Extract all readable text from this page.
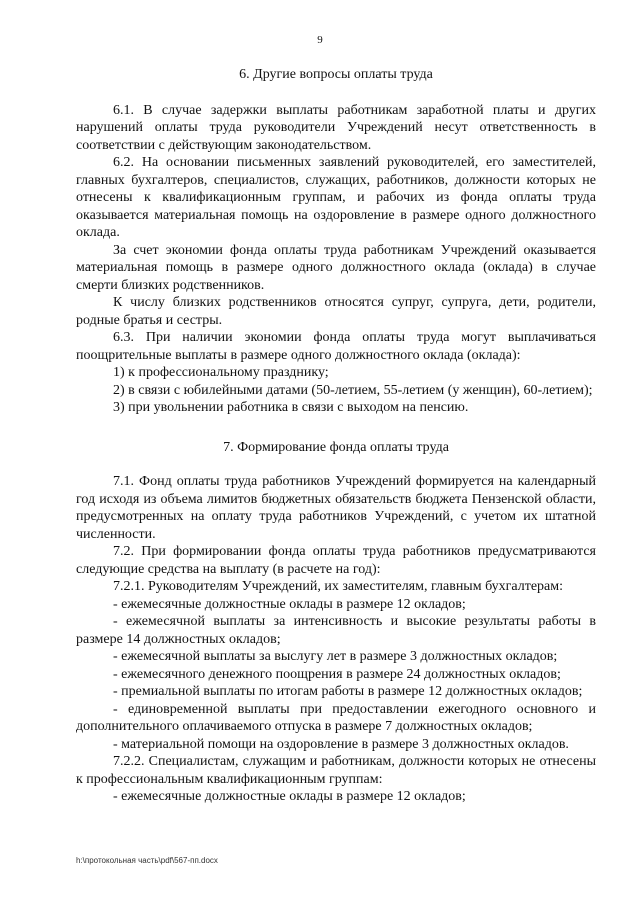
9

6. Другие вопросы оплаты труда

6.1. В случае задержки выплаты работникам заработной платы и других нарушений оплаты труда руководители Учреждений несут ответственность в соответствии с действующим законодательством.

6.2. На основании письменных заявлений руководителей, его заместителей, главных бухгалтеров, специалистов, служащих, работников, должности которых не отнесены к квалификационным группам, и рабочих из фонда оплаты труда оказывается материальная помощь на оздоровление в размере одного должностного оклада.

За счет экономии фонда оплаты труда работникам Учреждений оказывается материальная помощь в размере одного должностного оклада (оклада) в случае смерти близких родственников.

К числу близких родственников относятся супруг, супруга, дети, родители, родные братья и сестры.

6.3. При наличии экономии фонда оплаты труда могут выплачиваться поощрительные выплаты в размере одного должностного оклада (оклада):

1) к профессиональному празднику;

2) в связи с юбилейными датами (50-летием, 55-летием (у женщин), 60-летием);

3) при увольнении работника в связи с выходом на пенсию.

7. Формирование фонда оплаты труда

7.1. Фонд оплаты труда работников Учреждений формируется на календарный год исходя из объема лимитов бюджетных обязательств бюджета Пензенской области, предусмотренных на оплату труда работников Учреждений, с учетом их штатной численности.

7.2. При формировании фонда оплаты труда работников предусматриваются следующие средства на выплату (в расчете на год):

7.2.1. Руководителям Учреждений, их заместителям, главным бухгалтерам:

- ежемесячные должностные оклады в размере 12 окладов;

- ежемесячной выплаты за интенсивность и высокие результаты работы в размере 14 должностных окладов;

- ежемесячной выплаты за выслугу лет в размере 3 должностных окладов;

- ежемесячного денежного поощрения в размере 24 должностных окладов;

- премиальной выплаты по итогам работы в размере 12 должностных окладов;

- единовременной выплаты при предоставлении ежегодного основного и дополнительного оплачиваемого отпуска в размере 7 должностных окладов;

- материальной помощи на оздоровление в размере 3 должностных окладов.

7.2.2. Специалистам, служащим и работникам, должности которых не отнесены к профессиональным квалификационным группам:

- ежемесячные должностные оклады в размере 12 окладов;

h:\протокольная часть\pdf\567-пп.docx
